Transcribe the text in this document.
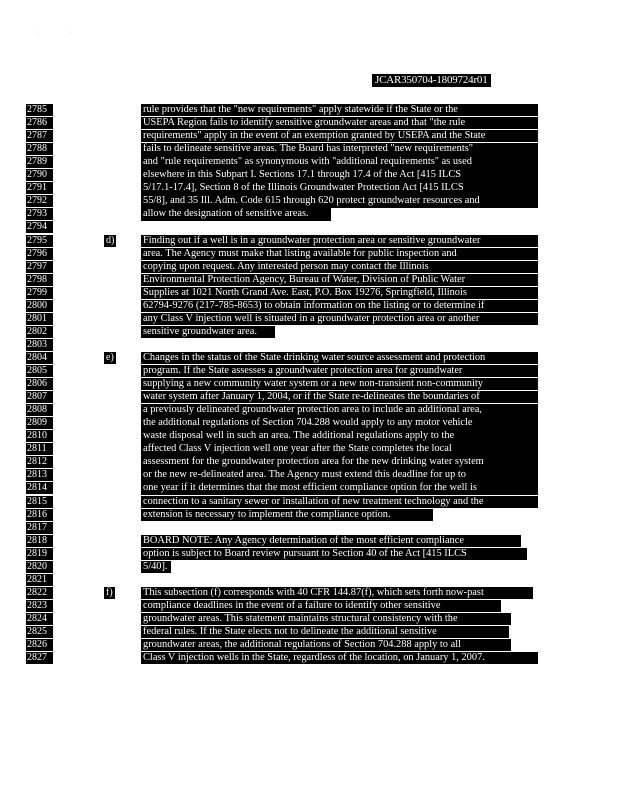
·	·
JCAR350704-1809724r01
2785	rule provides that the "new requirements" apply statewide if the State or the
2786	USEPA Region fails to identify sensitive groundwater areas and that "the rule
2787	requirements" apply in the event of an exemption granted by USEPA and the State
2788	fails to delineate sensitive areas. The Board has interpreted "new requirements"
2789	and "rule requirements" as synonymous with "additional requirements" as used
2790	elsewhere in this Subpart I. Sections 17.1 through 17.4 of the Act [415 ILCS
2791	5/17.1-17.4], Section 8 of the Illinois Groundwater Protection Act [415 ILCS
2792	55/8], and 35 Ill. Adm. Code 615 through 620 protect groundwater resources and
2793	allow the designation of sensitive areas.
2794
2795	d)	Finding out if a well is in a groundwater protection area or sensitive groundwater
2796	area. The Agency must make that listing available for public inspection and
2797	copying upon request. Any interested person may contact the Illinois
2798	Environmental Protection Agency, Bureau of Water, Division of Public Water
2799	Supplies at 1021 North Grand Ave. East, P.O. Box 19276, Springfield, Illinois
2800	62794-9276 (217-785-8653) to obtain information on the listing or to determine if
2801	any Class V injection well is situated in a groundwater protection area or another
2802	sensitive groundwater area.
2803
2804	e)	Changes in the status of the State drinking water source assessment and protection
2805	program. If the State assesses a groundwater protection area for groundwater
2806	supplying a new community water system or a new non-transient non-community
2807	water system after January 1, 2004, or if the State re-delineates the boundaries of
2808	a previously delineated groundwater protection area to include an additional area,
2809	the additional regulations of Section 704.288 would apply to any motor vehicle
2810	waste disposal well in such an area. The additional regulations apply to the
2811	affected Class V injection well one year after the State completes the local
2812	assessment for the groundwater protection area for the new drinking water system
2813	or the new re-delineated area. The Agency must extend this deadline for up to
2814	one year if it determines that the most efficient compliance option for the well is
2815	connection to a sanitary sewer or installation of new treatment technology and the
2816	extension is necessary to implement the compliance option.
2817
2818	BOARD NOTE: Any Agency determination of the most efficient compliance
2819	option is subject to Board review pursuant to Section 40 of the Act [415 ILCS
2820	5/40].
2821
2822	f)	This subsection (f) corresponds with 40 CFR 144.87(f), which sets forth now-past
2823	compliance deadlines in the event of a failure to identify other sensitive
2824	groundwater areas. This statement maintains structural consistency with the
2825	federal rules. If the State elects not to delineate the additional sensitive
2826	groundwater areas, the additional regulations of Section 704.288 apply to all
2827	Class V injection wells in the State, regardless of the location, on January 1, 2007.
